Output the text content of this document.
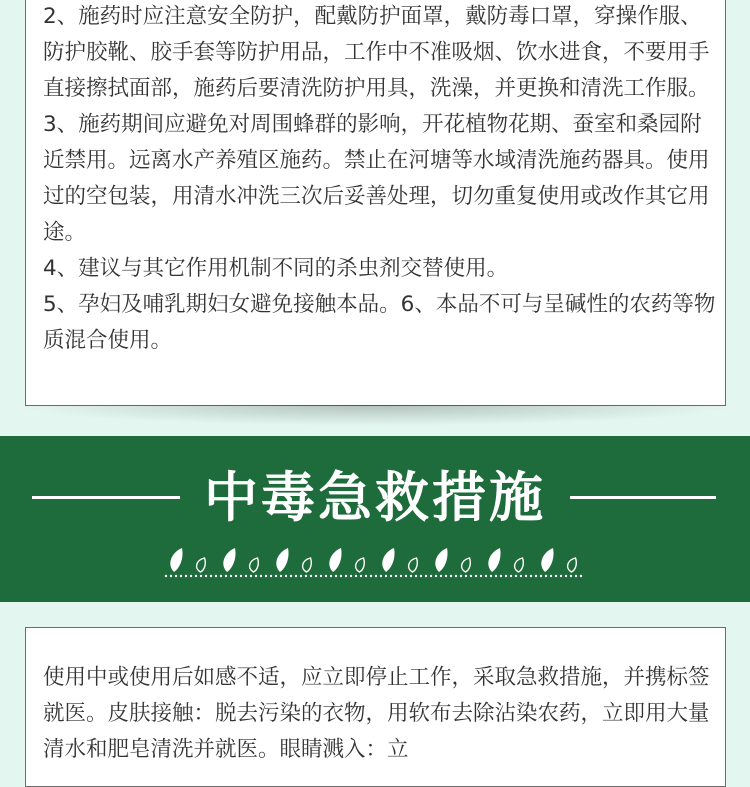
2、施药时应注意安全防护，配戴防护面罩，戴防毒口罩，穿操作服、防护胶靴、胶手套等防护用品，工作中不准吸烟、饮水进食，不要用手直接擦拭面部，施药后要清洗防护用具，洗澡，并更换和清洗工作服。

3、施药期间应避免对周围蜂群的影响，开花植物花期、蚕室和桑园附近禁用。远离水产养殖区施药。禁止在河塘等水域清洗施药器具。使用过的空包装，用清水冲洗三次后妥善处理，切勿重复使用或改作其它用途。

4、建议与其它作用机制不同的杀虫剂交替使用。

5、孕妇及哺乳期妇女避免接触本品。6、本品不可与呈碱性的农药等物质混合使用。

中毒急救措施

使用中或使用后如感不适，应立即停止工作，采取急救措施，并携标签就医。皮肤接触：脱去污染的衣物，用软布去除沾染农药，立即用大量清水和肥皂清洗并就医。眼睛溅入：立
